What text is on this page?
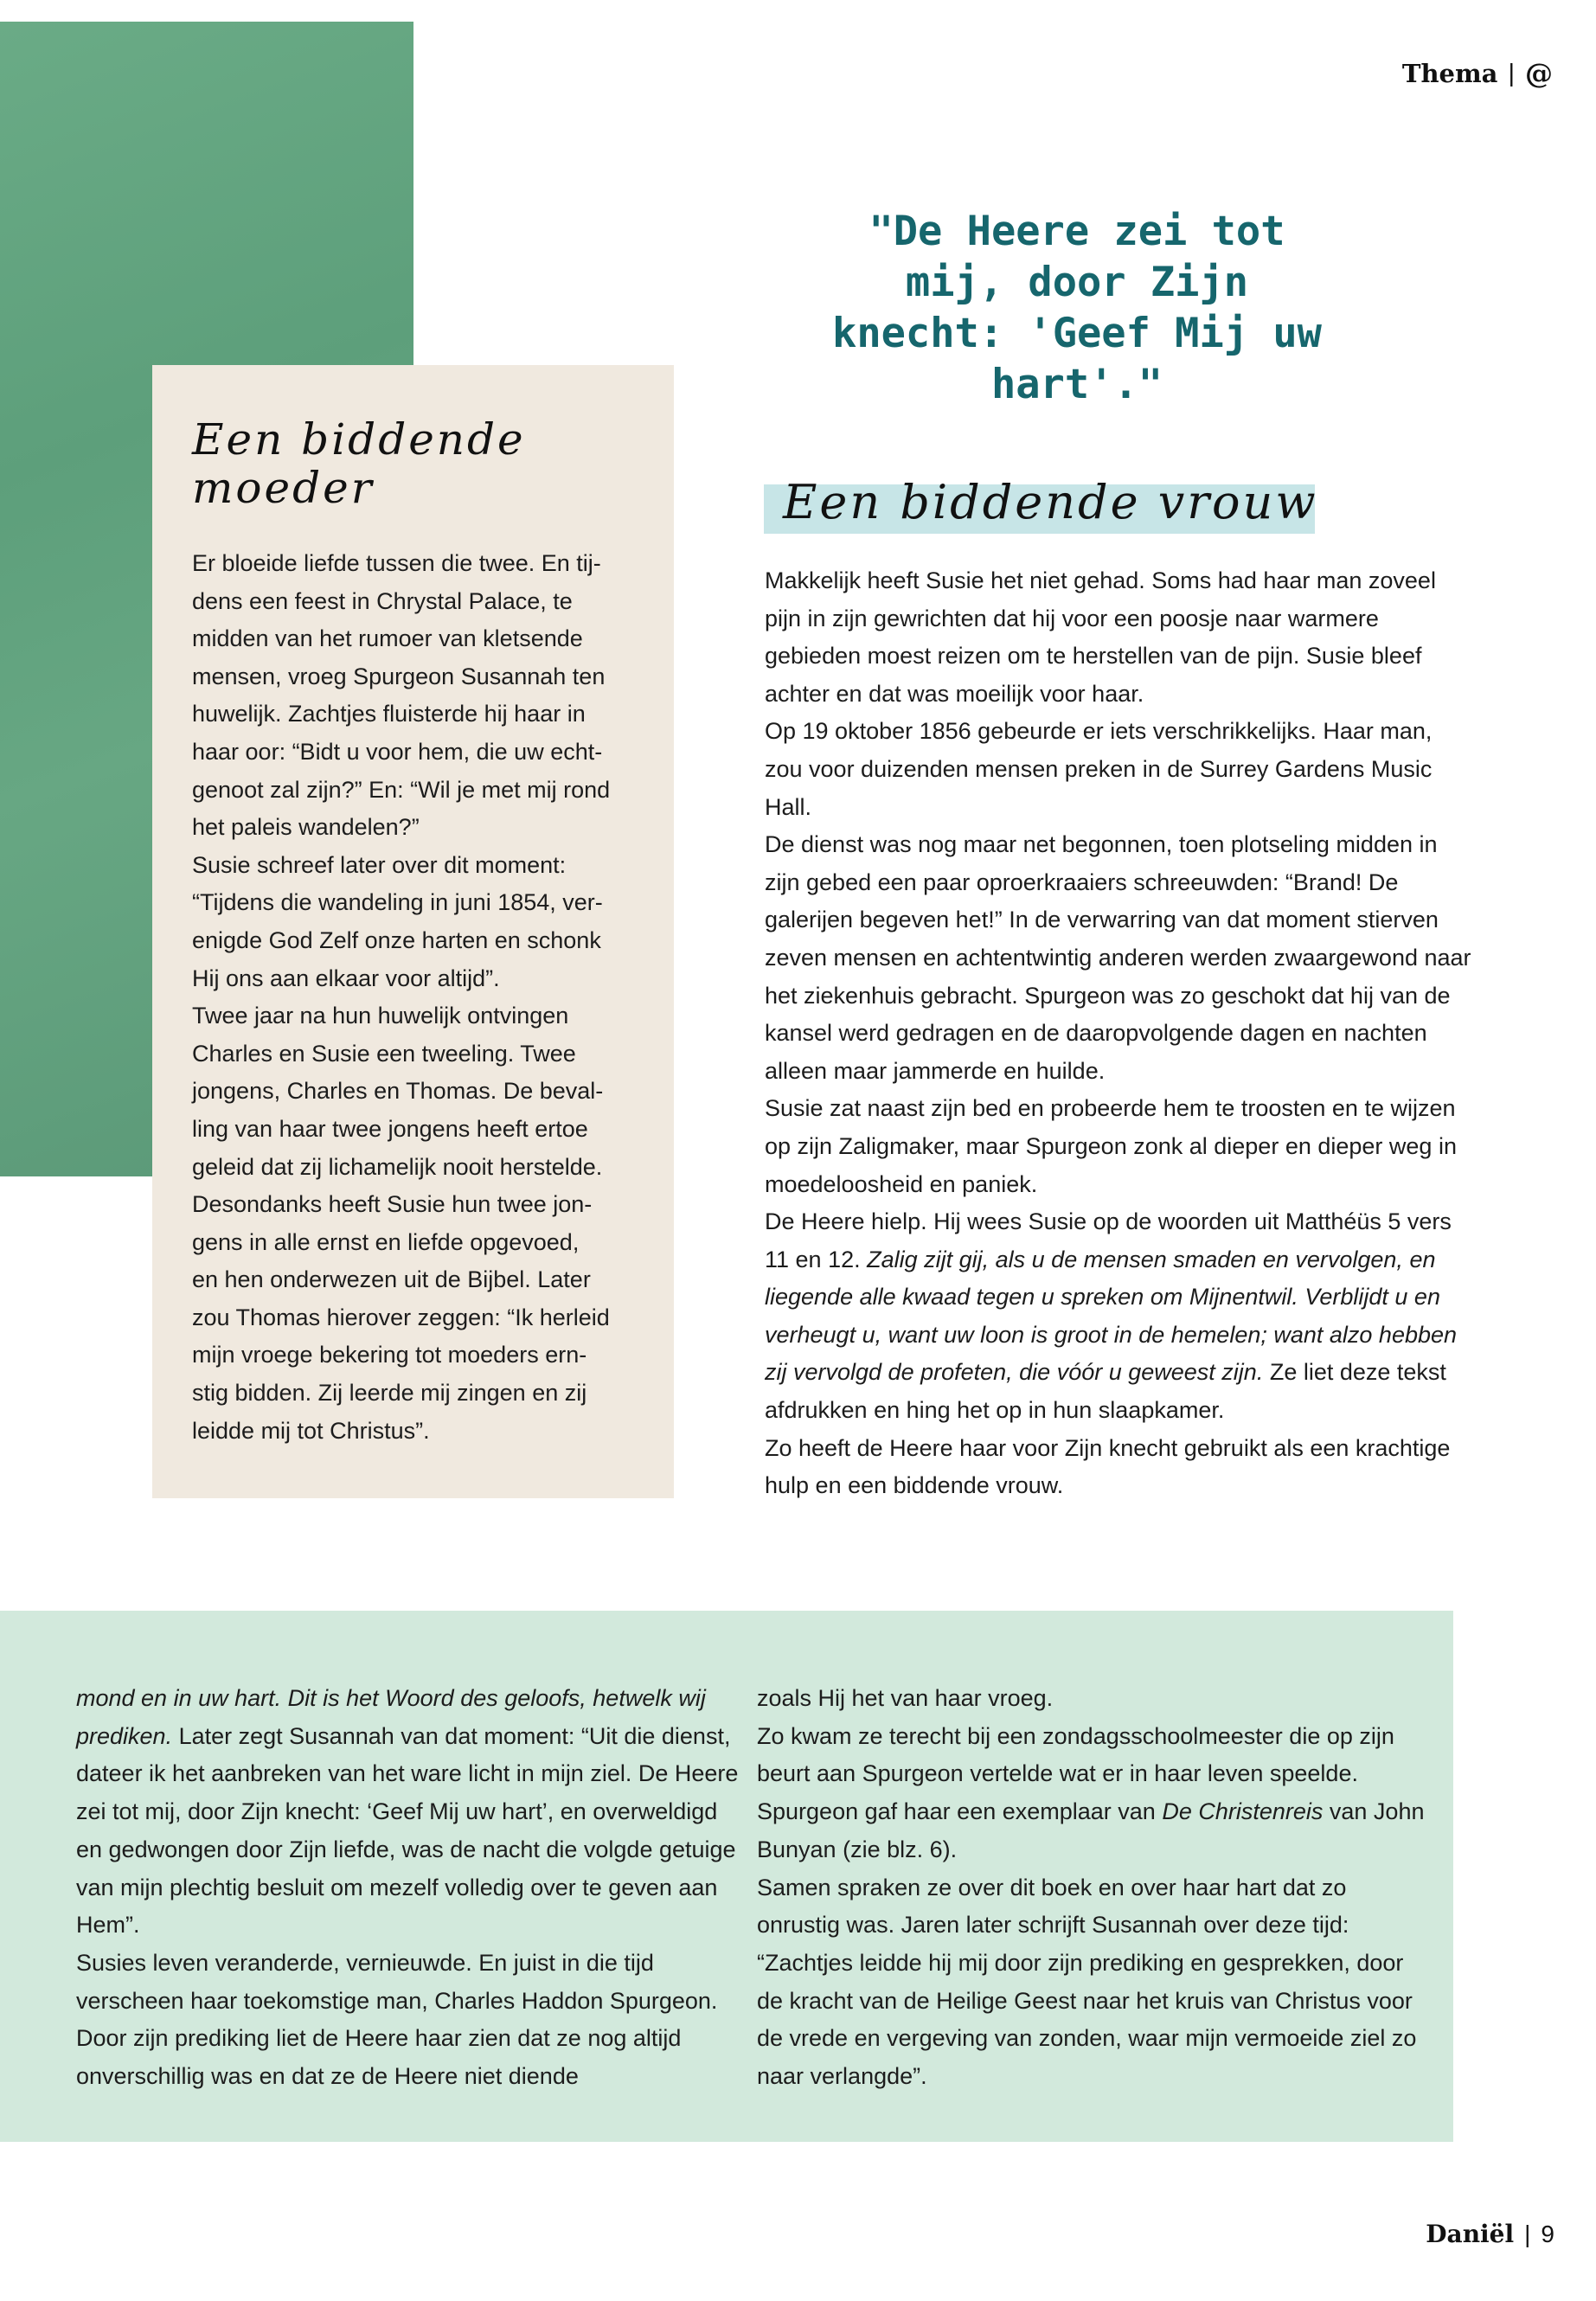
Thema | @
"De Heere zei tot mij, door Zijn knecht: 'Geef Mij uw hart'."
Een biddende moeder
Er bloeide liefde tussen die twee. En tij-
dens een feest in Chrystal Palace, te
midden van het rumoer van kletsende
mensen, vroeg Spurgeon Susannah ten
huwelijk. Zachtjes fluisterde hij haar in
haar oor: “Bidt u voor hem, die uw echt-
genoot zal zijn?” En: “Wil je met mij rond
het paleis wandelen?”
Susie schreef later over dit moment:
“Tijdens die wandeling in juni 1854, ver-
enigde God Zelf onze harten en schonk
Hij ons aan elkaar voor altijd”.
Twee jaar na hun huwelijk ontvingen
Charles en Susie een tweeling. Twee
jongens, Charles en Thomas. De beval-
ling van haar twee jongens heeft ertoe
geleid dat zij lichamelijk nooit herstelde.
Desondanks heeft Susie hun twee jon-
gens in alle ernst en liefde opgevoed,
en hen onderwezen uit de Bijbel. Later
zou Thomas hierover zeggen: “Ik herleid
mijn vroege bekering tot moeders ern-
stig bidden. Zij leerde mij zingen en zij
leidde mij tot Christus”.
Een biddende vrouw

Makkelijk heeft Susie het niet gehad. Soms had haar man zoveel pijn in zijn gewrichten dat hij voor een poosje naar warmere gebieden moest reizen om te herstellen van de pijn. Susie bleef achter en dat was moeilijk voor haar.

Op 19 oktober 1856 gebeurde er iets verschrikkelijks. Haar man, zou voor duizenden mensen preken in de Surrey Gardens Music Hall.

De dienst was nog maar net begonnen, toen plotseling midden in zijn gebed een paar oproerkraaiers schreeuwden: “Brand! De galerijen begeven het!” In de verwarring van dat moment stierven zeven mensen en achtentwintig anderen werden zwaargewond naar het ziekenhuis gebracht. Spurgeon was zo geschokt dat hij van de kansel werd gedragen en de daaropvolgende dagen en nachten alleen maar jammerde en huilde.

Susie zat naast zijn bed en probeerde hem te troosten en te wijzen op zijn Zaligmaker, maar Spurgeon zonk al dieper en dieper weg in moedeloosheid en paniek.

De Heere hielp. Hij wees Susie op de woorden uit Matthéüs 5 vers 11 en 12. Zalig zijt gij, als u de mensen smaden en vervolgen, en liegende alle kwaad tegen u spreken om Mijnentwil. Verblijdt u en verheugt u, want uw loon is groot in de hemelen; want alzo hebben zij vervolgd de profeten, die vóór u geweest zijn. Ze liet deze tekst afdrukken en hing het op in hun slaapkamer.

Zo heeft de Heere haar voor Zijn knecht gebruikt als een krachtige hulp en een biddende vrouw.

mond en in uw hart. Dit is het Woord des geloofs, hetwelk wij prediken. Later zegt Susannah van dat moment: “Uit die dienst, dateer ik het aanbreken van het ware licht in mijn ziel. De Heere zei tot mij, door Zijn knecht: ‘Geef Mij uw hart’, en overweldigd en gedwongen door Zijn liefde, was de nacht die volgde getuige van mijn plechtig besluit om mezelf volledig over te geven aan Hem”.

Susies leven veranderde, vernieuwde. En juist in die tijd verscheen haar toekomstige man, Charles Haddon Spurgeon. Door zijn prediking liet de Heere haar zien dat ze nog altijd onverschillig was en dat ze de Heere niet diende

zoals Hij het van haar vroeg.

Zo kwam ze terecht bij een zondagsschoolmeester die op zijn beurt aan Spurgeon vertelde wat er in haar leven speelde. Spurgeon gaf haar een exemplaar van De Christenreis van John Bunyan (zie blz. 6).

Samen spraken ze over dit boek en over haar hart dat zo onrustig was. Jaren later schrijft Susannah over deze tijd: “Zachtjes leidde hij mij door zijn prediking en gesprekken, door de kracht van de Heilige Geest naar het kruis van Christus voor de vrede en vergeving van zonden, waar mijn vermoeide ziel zo naar verlangde”.

Daniël | 9
